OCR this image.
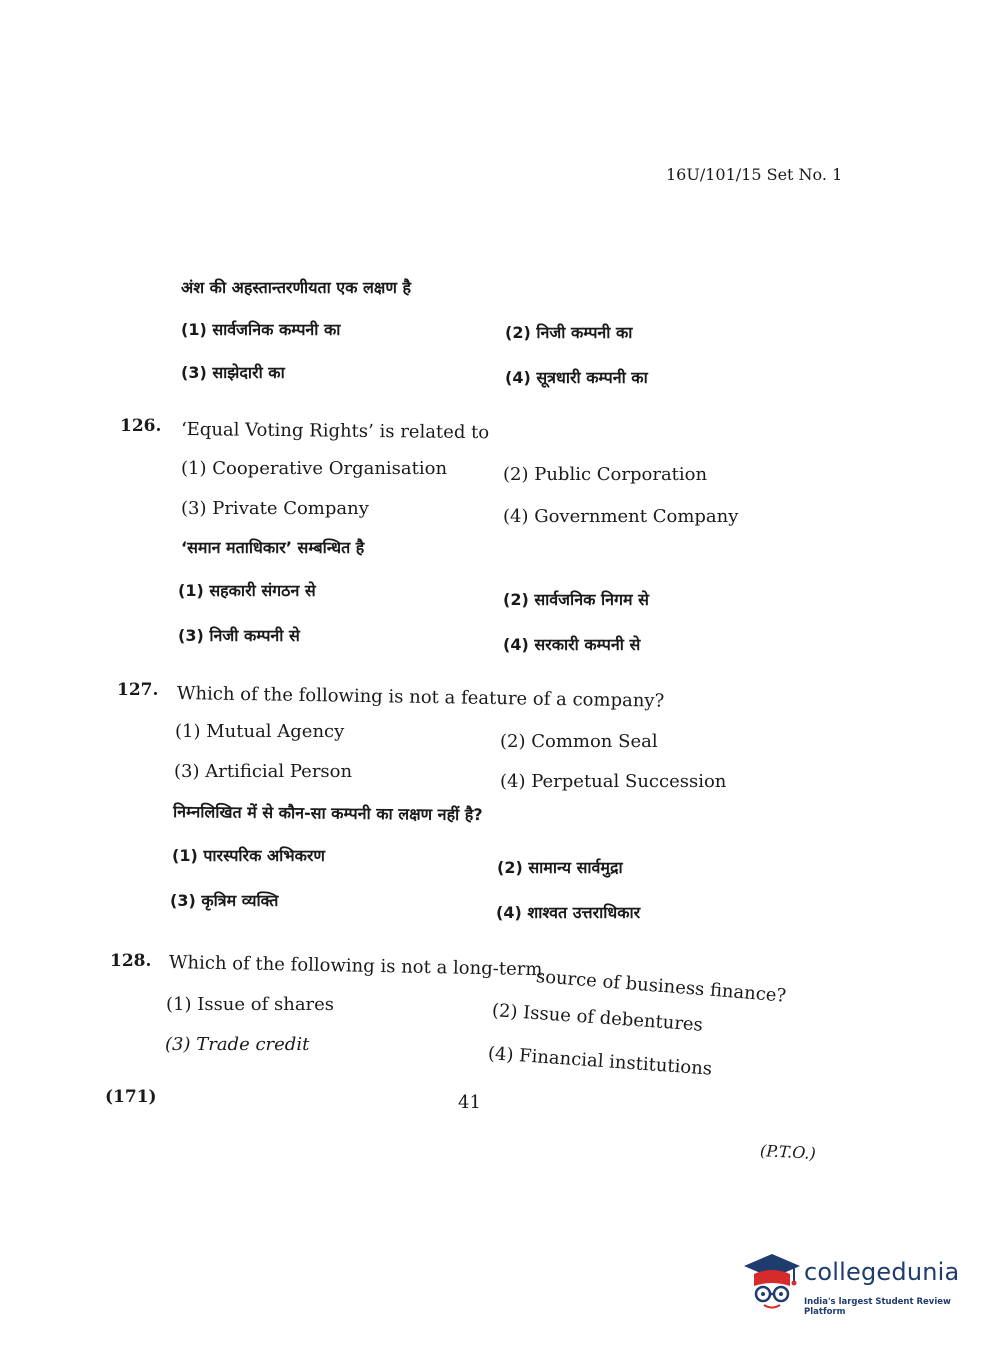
16U/101/15 Set No. 1
अंश की अहस्तान्तरणीयता एक लक्षण है
(1) सार्वजनिक कम्पनी का	(2) निजी कम्पनी का
(3) साझेदारी का	(4) सूत्रधारी कम्पनी का
126. ‘Equal Voting Rights’ is related to
(1) Cooperative Organisation	(2) Public Corporation
(3) Private Company	(4) Government Company
‘समान मताधिकार’ सम्बन्धित है
(1) सहकारी संगठन से	(2) सार्वजनिक निगम से
(3) निजी कम्पनी से	(4) सरकारी कम्पनी से
127. Which of the following is not a feature of a company?
(1) Mutual Agency	(2) Common Seal
(3) Artificial Person	(4) Perpetual Succession
निम्नलिखित में से कौन-सा कम्पनी का लक्षण नहीं है?
(1) पारस्परिक अभिकरण
(2) सामान्य सार्वमुद्रा
(3) कृत्रिम व्यक्ति
(4) शाश्वत उत्तराधिकार
128. Which of the following is not a long-term
source of business finance?
(1) Issue of shares	(2) Issue of debentures
(3) Trade credit	(4) Financial institutions
(171)	41
(P.T.O.)
collegedunia
India's largest Student Review Platform
